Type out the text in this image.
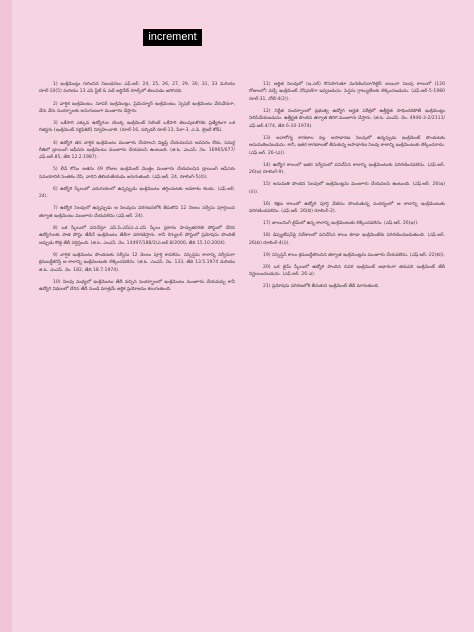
increment

1) ఇంక్రిమెంట్లు గురించిన నిబంధనలు ఎఫ్.ఆర్. 24, 25, 26, 27, 29, 30, 31, 33 మరియు రూల్-10(5) మరియు 13 ఎపి స్టేట్ & సబ్ ఆర్డినేట్ రూల్స్‌లో తెలుపడం జరిగినది.

2) వార్షిక ఇంక్రిమెంటు, సూపర్ ఇంక్రిమెంట్లు, ప్రిమెచ్యూర్ ఇంక్రిమెంటు, స్పెషల్ ఇంక్రిమెంటు వేరువేరుగా, వేరు వేరు సందర్భాలకు అనుగుణంగా మంజూరు చేస్తారు.

3) ఒకేసారి ఎక్కువ ఉద్యోగుల యొక్క ఇంక్రిమెంట్ సెలెంట్ ఒకేసారి తెలుపుటకొరకు ప్రత్యేకంగా ఒక రిజిస్టరు (ఇంక్రిమెంట్ సర్టిఫికెట్) నిర్వహించాలి. (రూల్-16, సబ్సిడరీ రూల్-13, పేరా-3, ఎ.పి. ట్రెజరీ కోడ్).

4) ఉద్యోగి తన వార్షిక ఇంక్రిమెంటు మంజూరు చేయాలని విజ్ఞప్తి చేయవలసిన అవసరం లేదు. సమర్థ రీతిలో డ్రాయింగ్ ఆఫీసరు ఇంక్రిమెంటు మంజూరు చేయవలసి ఉంటుంది. (జి.ఓ. ఎంఎస్. నెం. 16965/677/ఎఫ్.ఆర్.85, తేది 12.2.1987).

5) లీవ్ కోసం అతను 49 రోజుల ఇంక్రిమెంట్ మొత్తం మంజూరు చేయవలసిన డ్రాయింగ్ ఆఫీసరు సమయానికి సంతకం చేసి, వారిని తెలియజేయడం జరుగుతుంది. (ఎఫ్.ఆర్. 24, రూలింగ్-5(4)).

6) ఉద్యోగి స్కేలులో ఎదుగుదలలో ఉన్నప్పుడు ఇంక్రిమెంటు తగ్గించుటకు అవకాశం కలదు. (ఎఫ్.ఆర్. 24).

7) ఉద్యోగి సెలవులో ఉన్నప్పుడు ఆ సెలవును పరిగణనలోకి తీసుకొని 12 నెలలు సర్వీసు పూర్తయిన తర్వాత ఇంక్రిమెంటు మంజూరు చేయవలెను (ఎఫ్.ఆర్. 24).

8) ఒక స్కేలులో పనిచేస్తూ ఎస్.పి.ఎస్/ఎ.ఎ.ఎస్ స్కేలు ప్రకారం హెచ్చుతరగతి పోస్టులో చేరిన ఉద్యోగులకు పాత పోస్టు తేదీనే ఇంక్రిమెంటు తేదీగా పరిగణిస్తారు. కానీ రెగ్యులర్ పోస్టులో ప్రమోషను పొందితే అప్పుడు కొత్త తేదీ వర్తిస్తుంది. (జి.ఓ. ఎంఎస్. నెం. 14497/188/2/ఎ.ఆర్.8/2000, తేది 15.10.2004).

9) వార్షిక ఇంక్రిమెంటు పొందుటకు సర్వీసు 12 నెలలు పూర్తి కావలెను. సస్పెన్షను కాలాన్ని సర్వీసుగా క్రమబద్ధీకరిస్తే ఆ కాలాన్ని ఇంక్రిమెంటుకు లెక్కించవలెను. (జి.ఓ. ఎంఎస్. నెం. 133, తేది 13.5.1974 మరియు జి.ఓ. ఎంఎస్. నెం. 182, తేది 18.7.1974).

10) సెలవు మధ్యలో ఇంక్రిమెంటు తేదీ వచ్చిన సందర్భాలలో ఇంక్రిమెంటు మంజూరు చేయవచ్చు కానీ ఉద్యోగి విధులలో చేరిన తేదీ నుండి మాత్రమే ఆర్థిక ప్రయోజనం కలుగుతుంది.

11) ఆర్జిత సెలవులో (ఇ.ఎల్) కొనసాగుతూ మరణించినా/రిటైర్ అయినా సెలవు కాలంలో (120 రోజులలో) వచ్చే ఇంక్రిమెంట్ నోషనల్‌గా ఇవ్వబడును. పెన్షను గ్రాట్యుటీలకు లెక్కించబడును. (ఎఫ్.ఆర్-5-1980 రూల్-31, నోట్-4(2)).

12) నిర్ణీత సందర్భాలలో ప్రభుత్వ ఉద్యోగి అర్హత పరీక్షలో ఉత్తీర్ణత సాధించకపోతే ఇంక్రిమెంట్లు నిలిపివేయబడును. ఉత్తీర్ణత పొందిన తర్వాత తిరిగి మంజూరు చేస్తారు. (జి.ఓ. ఎంఎస్. నెం. 4946-3-2/2111/ఎఫ్.ఆర్.4/74, తేది 6-10-1974).

13) అనారోగ్య కారణాల వల్ల అసాధారణ సెలవులో ఉన్నప్పుడు ఇంక్రిమెంట్ పొందుటకు అనుమతించబడును. కానీ, ఇతర కారణాలతో తీసుకున్న అసాధారణ సెలవు కాలాన్ని ఇంక్రిమెంటుకు లెక్కించరాదు. (ఎఫ్.ఆర్. 26-(ఎ)).

14) ఉద్యోగ కాలంలో ఇతర సర్వీసులో పనిచేసిన కాలాన్ని ఇంక్రిమెంటుకు పరిగణించవలెను. (ఎఫ్.ఆర్. 26(ఇ) రూలింగ్-9).

15) అనుమతి పొందిన సెలవులో ఇంక్రిమెంట్లను మంజూరు చేయవలసి ఉంటుంది. (ఎఫ్.ఆర్. 26(ఇ)(ii)).

16) శిక్షణ కాలంలో ఉద్యోగి పూర్తి వేతనం పొందుతున్న సందర్భంలో ఆ కాలాన్ని ఇంక్రిమెంటుకు పరిగణించవలెను. (ఎఫ్.ఆర్. 26(బి) రూలింగ్-2).

17) జాయినింగ్ టైమ్‌లో ఉన్న కాలాన్ని ఇంక్రిమెంటుకు లెక్కించవలెను. (ఎఫ్.ఆర్. 26(ఇ)).

18) డిప్యుటేషన్‌పై విదేశాలలో పనిచేసిన కాలం కూడా ఇంక్రిమెంట్‌కు పరిగణించబడుతుంది. (ఎఫ్.ఆర్. 26(బి) రూలింగ్-4(i)).

19) సస్పెన్షన్ కాలం క్రమబద్ధీకరించిన తర్వాత ఇంక్రిమెంట్లను మంజూరు చేయవలెను. (ఎఫ్.ఆర్.-22(బి)).

20) ఒక టైమ్ స్కేలులో ఉద్యోగి పొందిన చివరి ఇంక్రిమెంట్ ఆధారంగా తదుపరి ఇంక్రిమెంట్ తేదీ నిర్ణయించబడును. (ఎఫ్.ఆర్. 26-ఎ).

21) ప్రమోషను పరిగణలోకి తీసుకుని ఇంక్రిమెంట్ తేదీ మారుతుంది.
